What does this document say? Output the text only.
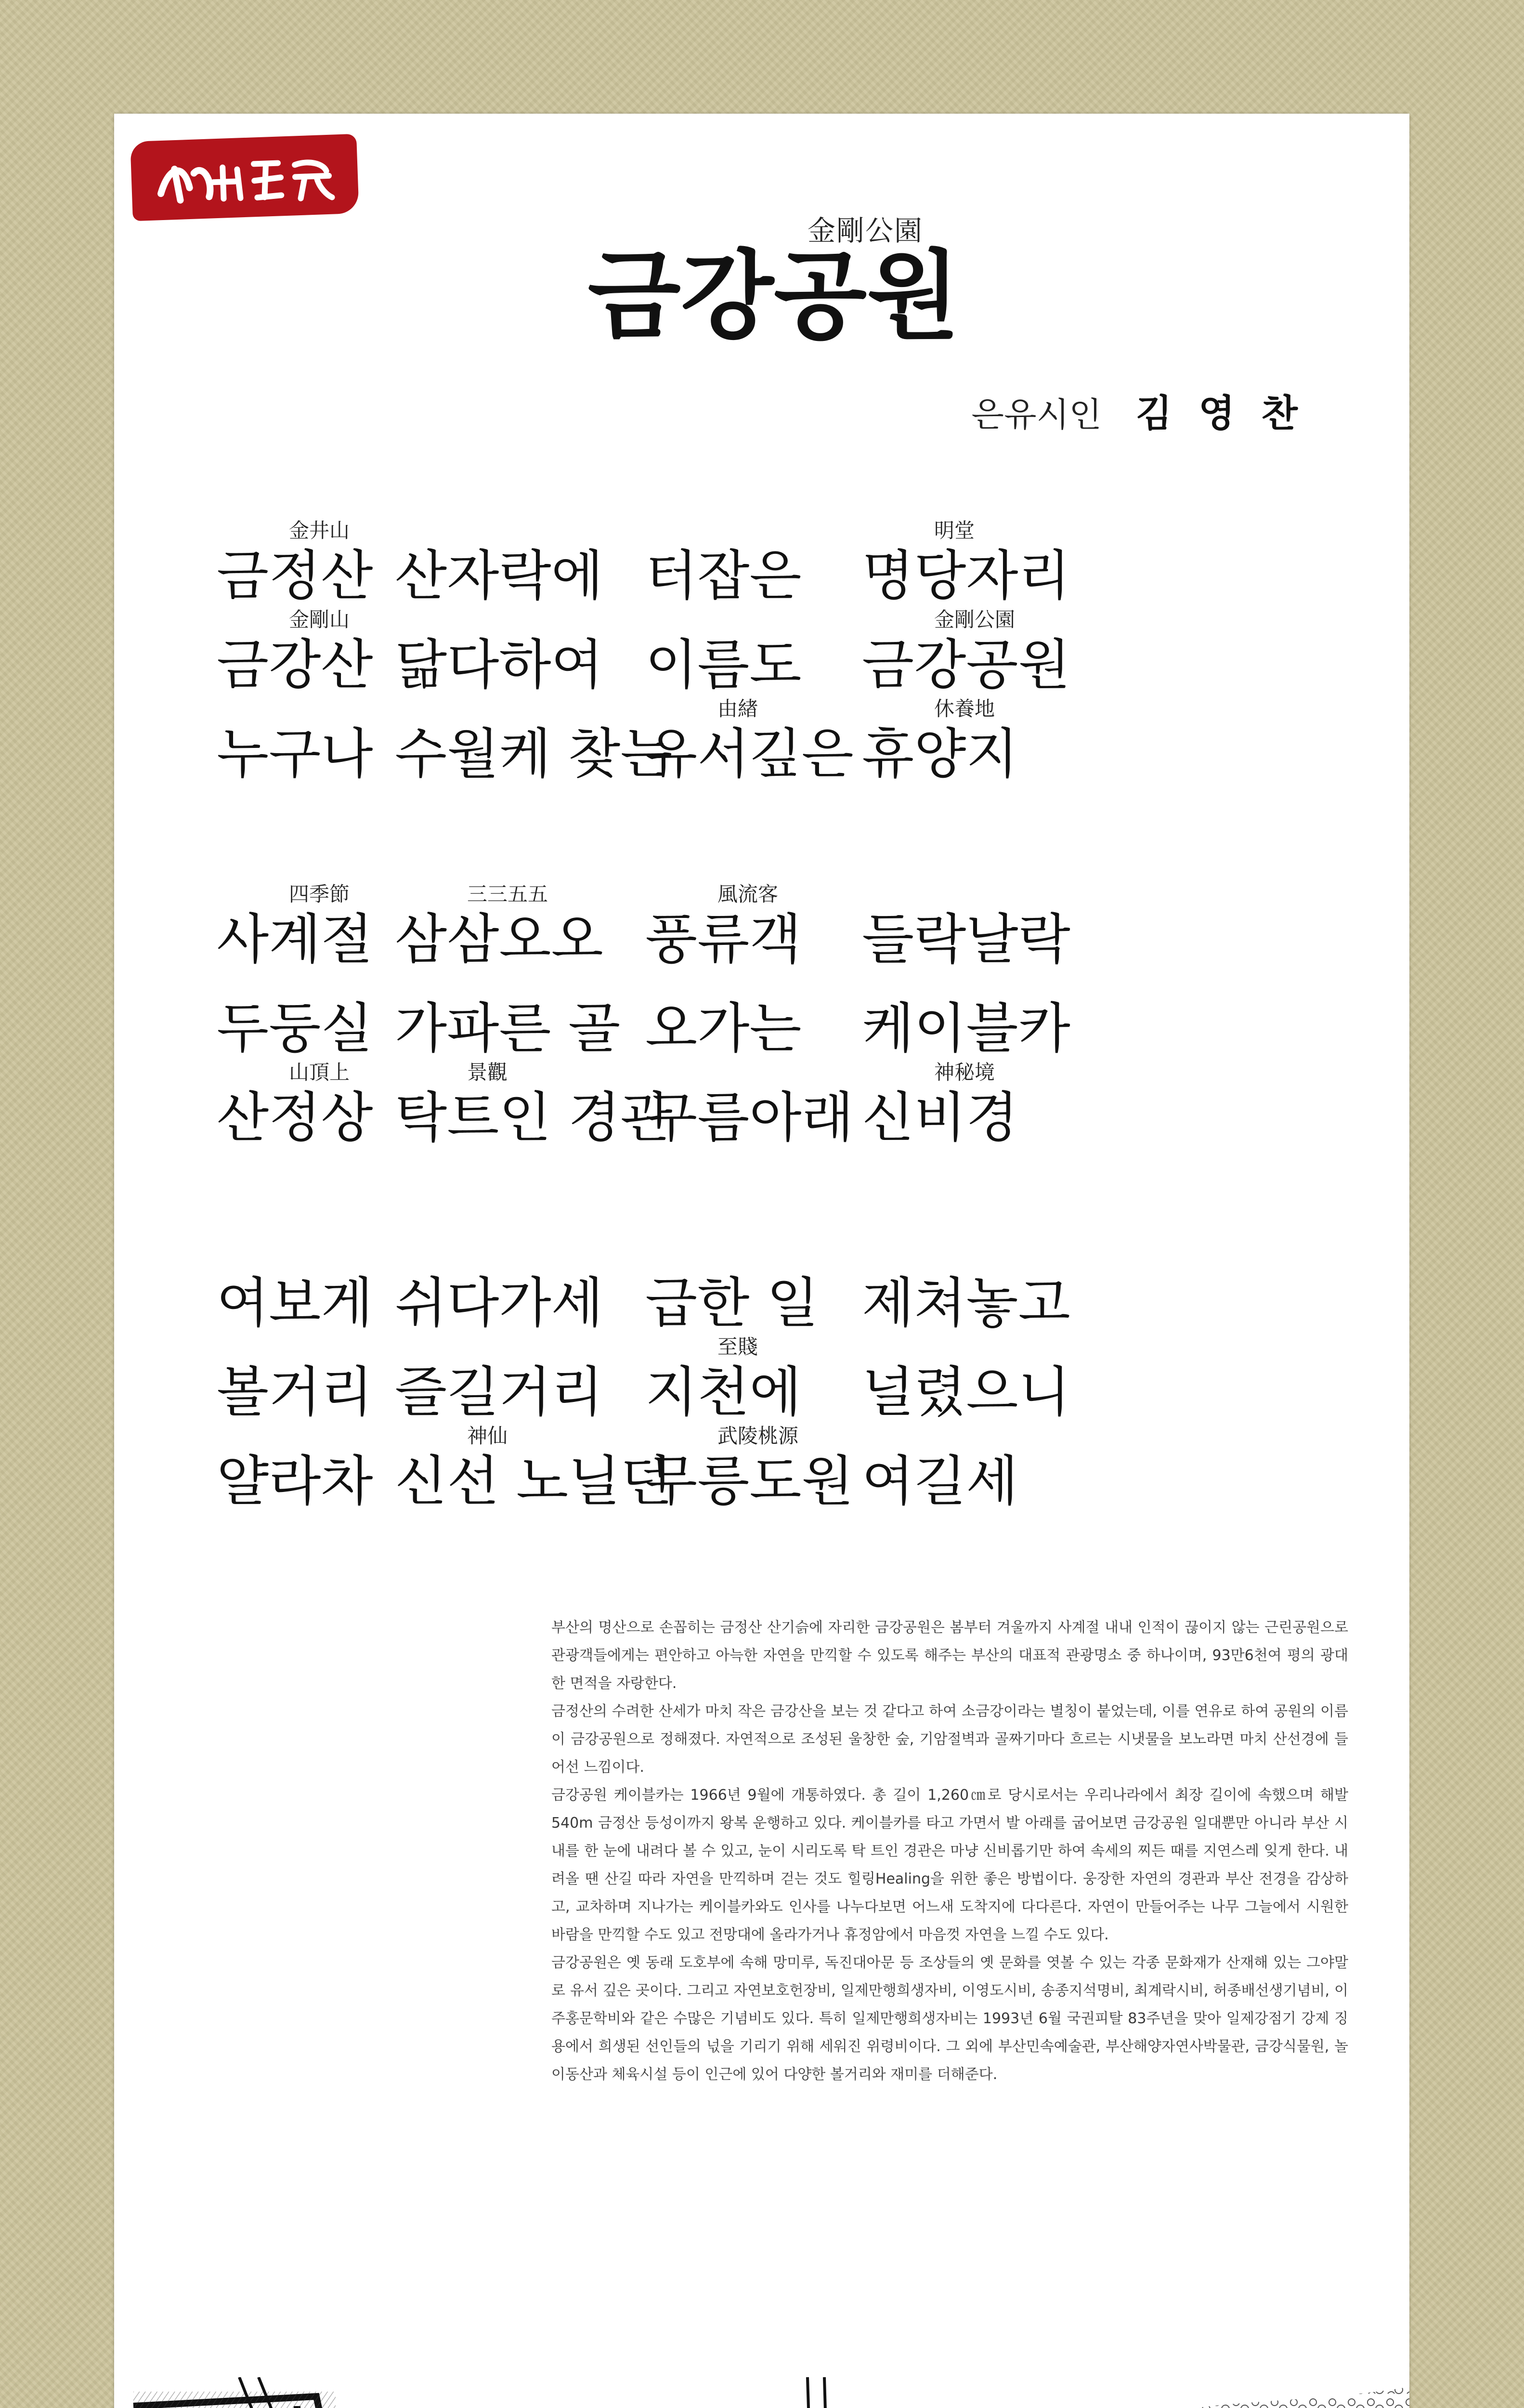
金剛公園
금강공원
은유시인 김 영 찬
금정산
金井山
산자락에 터잡은 명당자리
明堂
금강산
金剛山
닮다하여 이름도 금강공원
金剛公園
누구나 수월케 찾는
유서깊은
由緖
휴양지
休養地
사계절
四季節
삼삼오오
三三五五
풍류객
風流客
들락날락
두둥실 가파른 골 오가는 케이블카
산정상
山頂上
탁트인 경관
景觀
구름아래 신비경
神秘境
여보게 쉬다가세 급한 일 제쳐놓고
볼거리 즐길거리 지천에
至賤
널렸으니
얄라차 신선 노닐던
神仙
무릉도원
武陵桃源
여길세

부산의 명산으로 손꼽히는 금정산 산기슭에 자리한 금강공원은 봄부터 겨울까지 사계절 내내 인적이 끊이지 않는 근린공원으로 관광객들에게는 편안하고 아늑한 자연을 만끽할 수 있도록 해주는 부산의 대표적 관광명소 중 하나이며, 93만6천여 평의 광대한 면적을 자랑한다.

금정산의 수려한 산세가 마치 작은 금강산을 보는 것 같다고 하여 소금강이라는 별칭이 붙었는데, 이를 연유로 하여 공원의 이름이 금강공원으로 정해졌다. 자연적으로 조성된 울창한 숲, 기암절벽과 골짜기마다 흐르는 시냇물을 보노라면 마치 산선경에 들어선 느낌이다.

금강공원 케이블카는 1966년 9월에 개통하였다. 총 길이 1,260㎝로 당시로서는 우리나라에서 최장 길이에 속했으며 해발 540m 금정산 등성이까지 왕복 운행하고 있다. 케이블카를 타고 가면서 발 아래를 굽어보면 금강공원 일대뿐만 아니라 부산 시내를 한 눈에 내려다 볼 수 있고, 눈이 시리도록 탁 트인 경관은 마냥 신비롭기만 하여 속세의 찌든 때를 지연스레 잊게 한다. 내려올 땐 산길 따라 자연을 만끽하며 걷는 것도 힐링Healing을 위한 좋은 방법이다. 웅장한 자연의 경관과 부산 전경을 감상하고, 교차하며 지나가는 케이블카와도 인사를 나누다보면 어느새 도착지에 다다른다. 자연이 만들어주는 나무 그늘에서 시원한 바람을 만끽할 수도 있고 전망대에 올라가거나 휴정암에서 마음껏 자연을 느낄 수도 있다.

금강공원은 옛 동래 도호부에 속해 망미루, 독진대아문 등 조상들의 옛 문화를 엿볼 수 있는 각종 문화재가 산재해 있는 그야말로 유서 깊은 곳이다. 그리고 자연보호헌장비, 일제만행희생자비, 이영도시비, 송종지석명비, 최계락시비, 허종배선생기념비, 이주홍문학비와 같은 수많은 기념비도 있다. 특히 일제만행희생자비는 1993년 6월 국권피탈 83주년을 맞아 일제강점기 강제 징용에서 희생된 선인들의 넋을 기리기 위해 세워진 위령비이다. 그 외에 부산민속예술관, 부산해양자연사박물관, 금강식물원, 놀이동산과 체육시설 등이 인근에 있어 다양한 볼거리와 재미를 더해준다.
